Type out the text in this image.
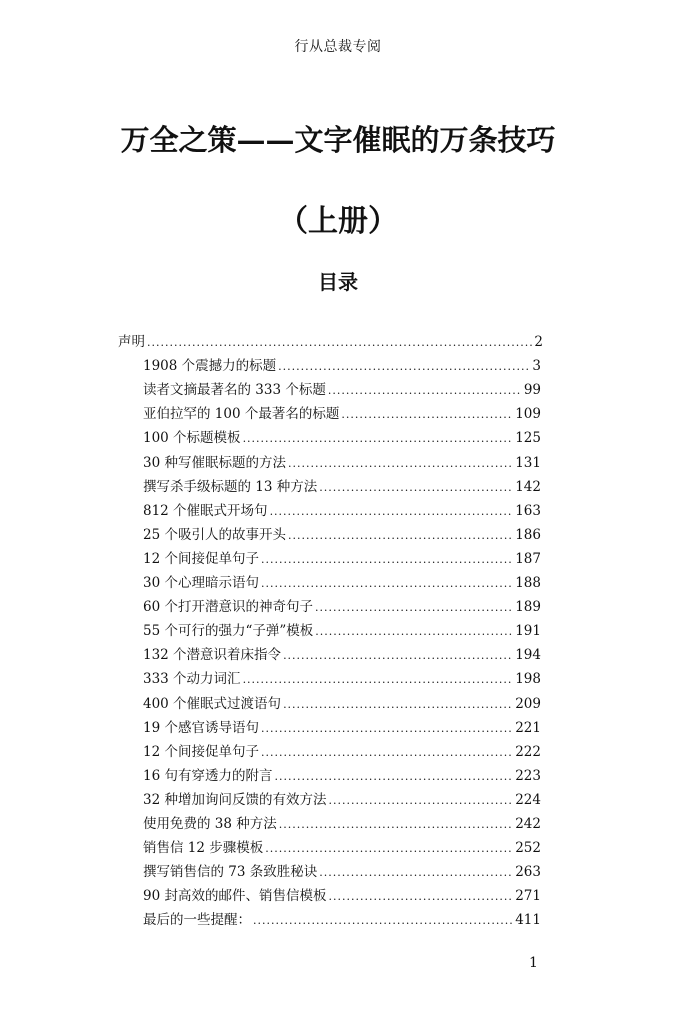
行从总裁专阅
万全之策——文字催眠的万条技巧
（上册）
目录
声明 .....	2
1908 个震撼力的标题 .....	3
读者文摘最著名的 333 个标题 .....	99
亚伯拉罕的 100 个最著名的标题 .....	109
100 个标题模板 .....	125
30 种写催眠标题的方法 .....	131
撰写杀手级标题的 13 种方法 .....	142
812 个催眠式开场句 .....	163
25 个吸引人的故事开头 .....	186
12 个间接促单句子 .....	187
30 个心理暗示语句 .....	188
60 个打开潜意识的神奇句子 .....	189
55 个可行的强力“子弹”模板 .....	191
132 个潜意识着床指令 .....	194
333 个动力词汇 .....	198
400 个催眠式过渡语句 .....	209
19 个感官诱导语句 .....	221
12 个间接促单句子 .....	222
16 句有穿透力的附言 .....	223
32 种增加询问反馈的有效方法 .....	224
使用免费的 38 种方法 .....	242
销售信 12 步骤模板 .....	252
撰写销售信的 73 条致胜秘诀 .....	263
90 封高效的邮件、销售信模板 .....	271
最后的一些提醒： .....	411
1
